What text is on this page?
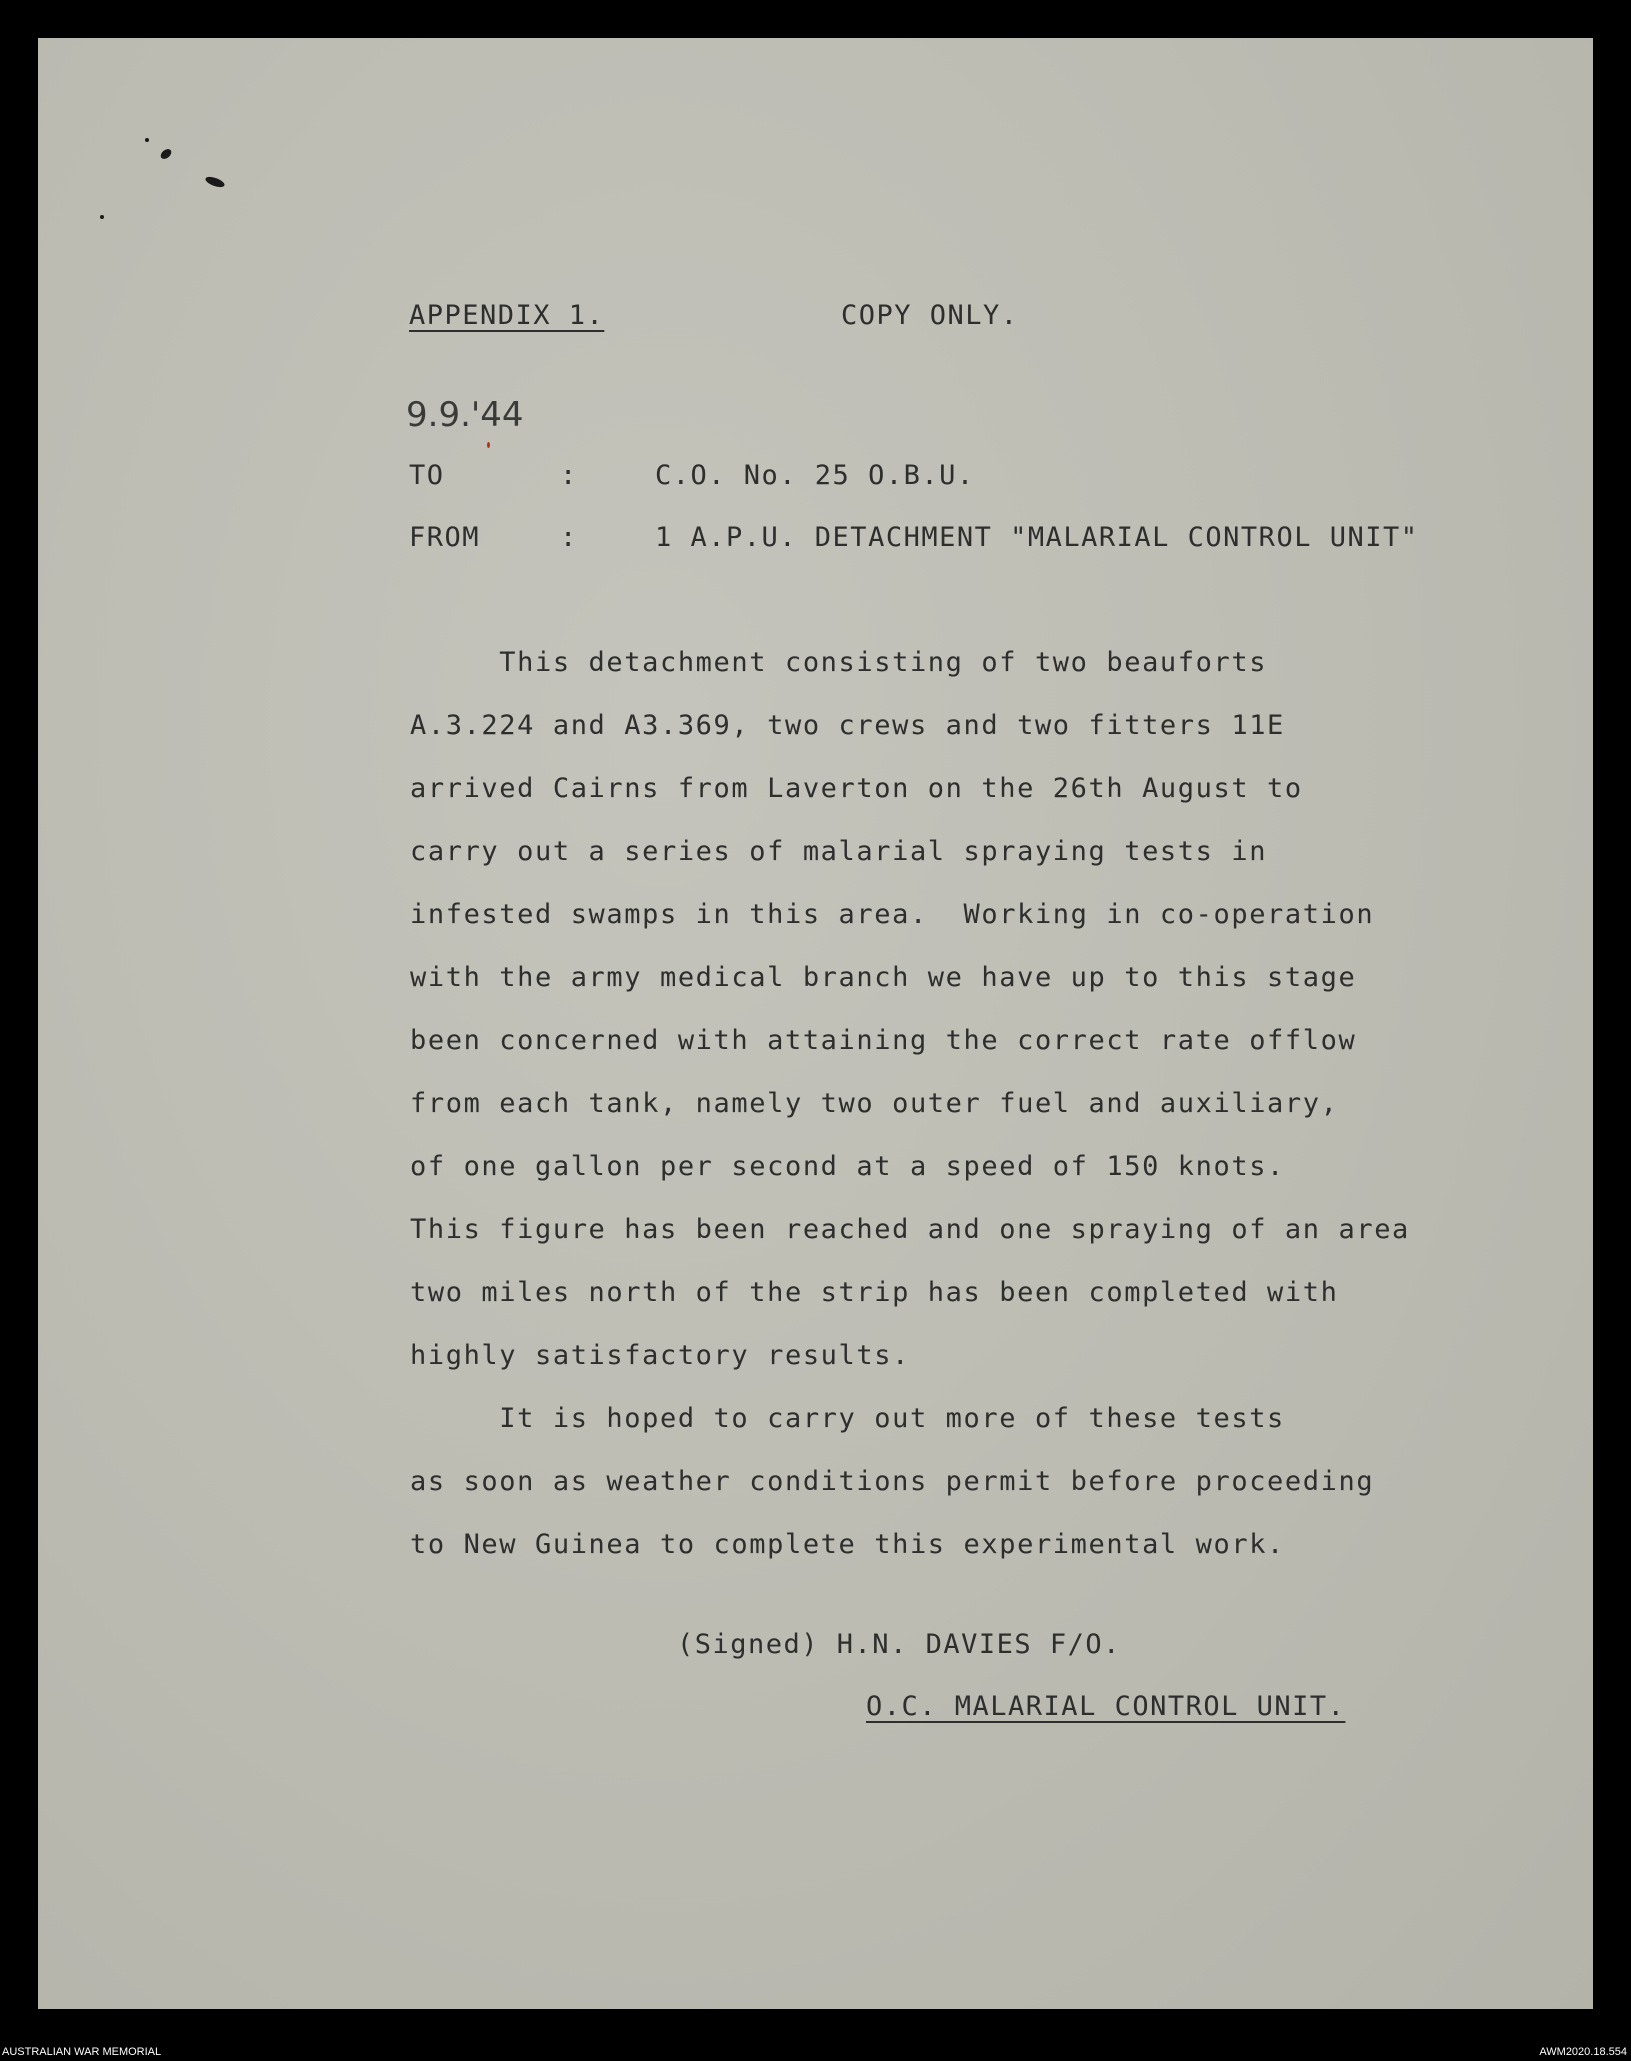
APPENDIX 1.	COPY ONLY.
9.9.'44
TO	:	C.O. No. 25 O.B.U.
FROM	:	1 A.P.U. DETACHMENT "MALARIAL CONTROL UNIT"
This detachment consisting of two beauforts
A.3.224 and A3.369, two crews and two fitters 11E
arrived Cairns from Laverton on the 26th August to
carry out a series of malarial spraying tests in
infested swamps in this area.  Working in co-operation
with the army medical branch we have up to this stage
been concerned with attaining the correct rate offlow
from each tank, namely two outer fuel and auxiliary,
of one gallon per second at a speed of 150 knots.
This figure has been reached and one spraying of an area
two miles north of the strip has been completed with
highly satisfactory results.
It is hoped to carry out more of these tests
as soon as weather conditions permit before proceeding
to New Guinea to complete this experimental work.
(Signed) H.N. DAVIES F/O.
O.C. MALARIAL CONTROL UNIT.
AUSTRALIAN WAR MEMORIAL	AWM2020.18.554
